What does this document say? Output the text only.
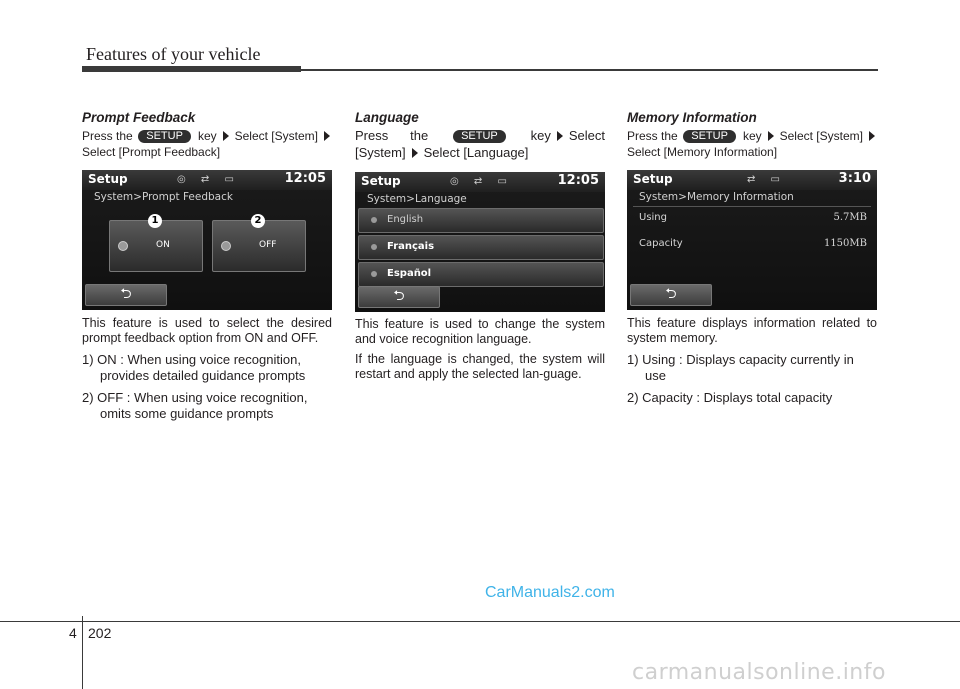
Features of your vehicle
Prompt Feedback
Press the	SETUP	key Select [System]
Select [Prompt Feedback]
Setup	◎ ⇄ ▭	12:05
System>Prompt Feedback
1
ON
2
OFF
⮌
This feature is used to select the desired prompt feedback option from ON and OFF.
1) ON : When using voice recognition, provides detailed guidance prompts
2) OFF : When using voice recognition, omits some guidance prompts
Language
Press the	SETUP	key Select
[System] Select [Language]
Setup	◎ ⇄ ▭	12:05
System>Language
English
Français
Español
⮌
This feature is used to change the system and voice recognition language.
If the language is changed, the system will restart and apply the selected lan-guage.
Memory Information
Press the	SETUP	key Select [System]
Select [Memory Information]
Setup	⇄ ▭	3:10
System>Memory Information
Using	5.7MB
Capacity	1150MB
⮌
This feature displays information related to system memory.
1) Using : Displays capacity currently in use
2) Capacity : Displays total capacity
CarManuals2.com
4 202
carmanualsonline.info
